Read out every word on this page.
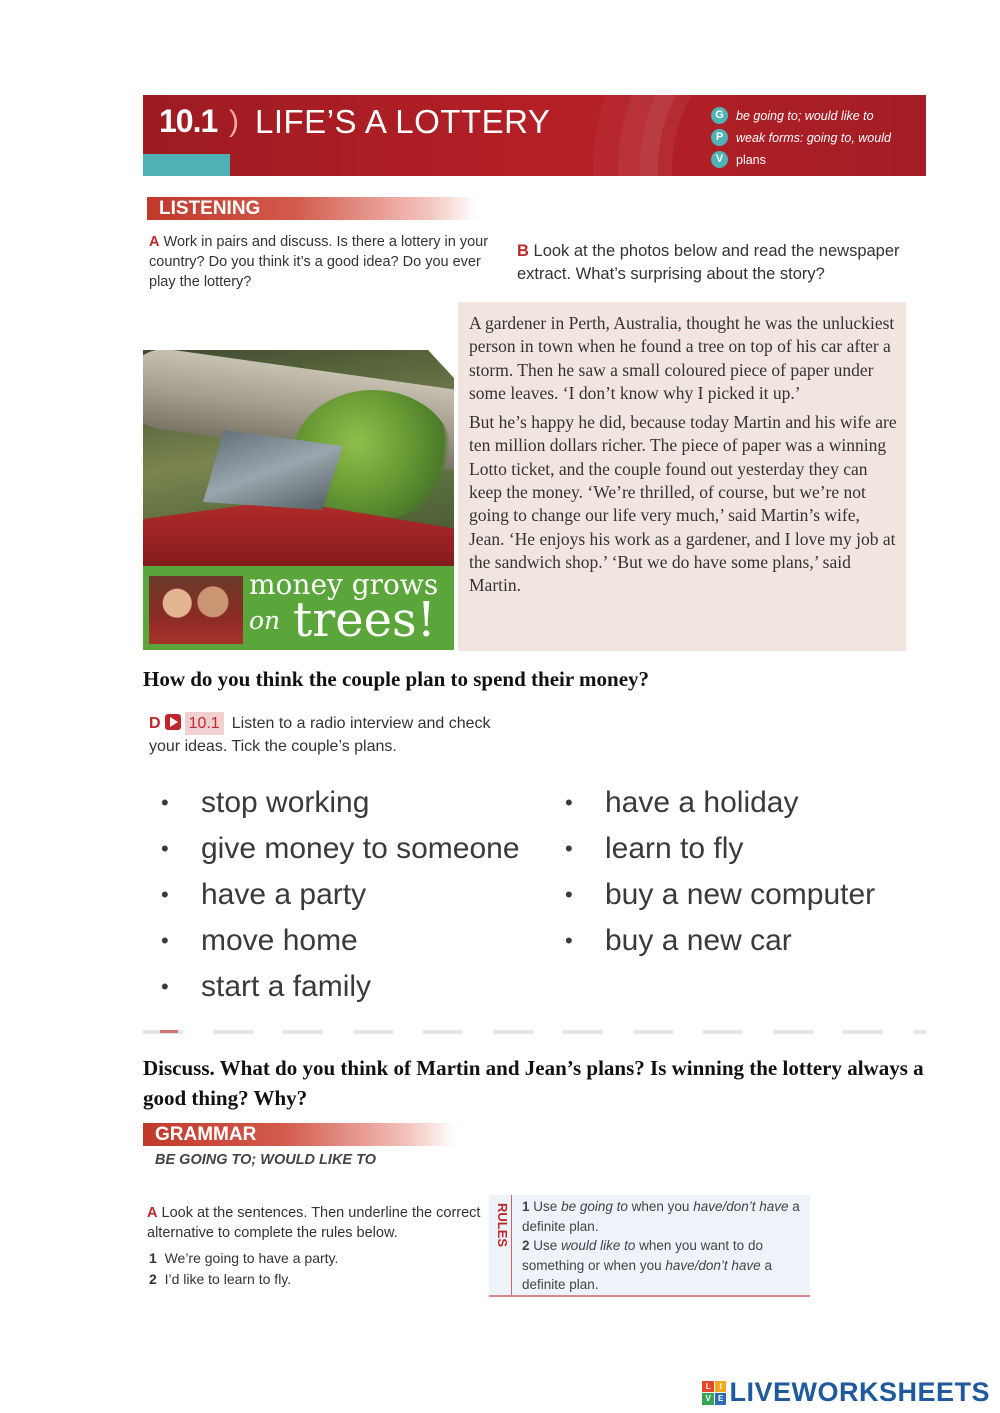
10.1 ) LIFE’S A LOTTERY	G be going to; would like to
P	weak forms: going to, would
V	plans
LISTENING
A Work in pairs and discuss. Is there a lottery in your country? Do you think it’s a good idea? Do you ever play the lottery?
B Look at the photos below and read the newspaper extract. What’s surprising about the story?
money grows
on trees!

A gardener in Perth, Australia, thought he was the unluckiest person in town when he found a tree on top of his car after a storm. Then he saw a small coloured piece of paper under some leaves. ‘I don’t know why I picked it up.’

But he’s happy he did, because today Martin and his wife are ten million dollars richer. The piece of paper was a winning Lotto ticket, and the couple found out yesterday they can keep the money. ‘We’re thrilled, of course, but we’re not going to change our life very much,’ said Martin’s wife, Jean. ‘He enjoys his work as a gardener, and I love my job at the sandwich shop.’ ‘But we do have some plans,’ said Martin.

How do you think the couple plan to spend their money?
D 10.1 Listen to a radio interview and check
your ideas. Tick the couple’s plans.
•	stop working
•	give money to someone
•	have a party
•	move home
•	start a family
•	have a holiday
•	learn to fly
•	buy a new computer
•	buy a new car
Discuss. What do you think of Martin and Jean’s plans? Is winning the lottery always a good thing? Why?
GRAMMAR
BE GOING TO; WOULD LIKE TO
A Look at the sentences. Then underline the correct alternative to complete the rules below.
1 We’re going to have a party.
2 I’d like to learn to fly.
RULES 1 Use be going to when you have/don’t have a definite plan.
2 Use would like to when you want to do something or when you have/don’t have a definite plan.
L	I
V E LIVEWORKSHEETS
